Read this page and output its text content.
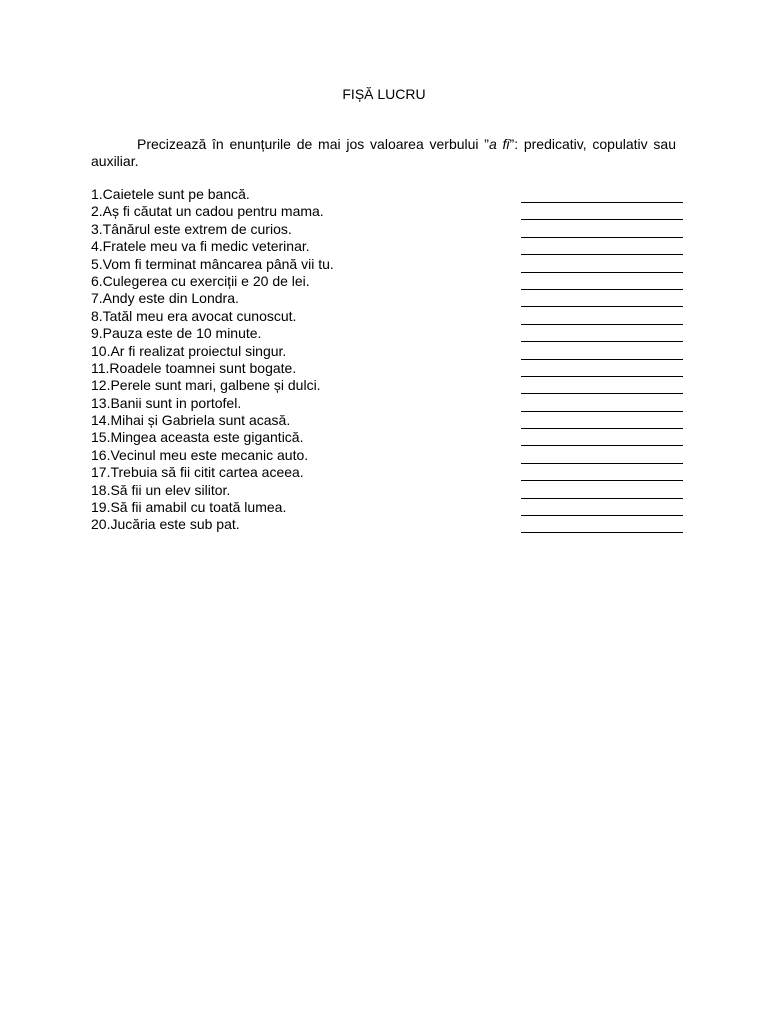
FIȘĂ LUCRU
Precizează în enunțurile de mai jos valoarea verbului ”a fi”: predicativ, copulativ sau auxiliar.
1.Caietele sunt pe bancă.
2.Aș fi căutat un cadou pentru mama.
3.Tânărul este extrem de curios.
4.Fratele meu va fi medic veterinar.
5.Vom fi terminat mâncarea până vii tu.
6.Culegerea cu exerciții e 20 de lei.
7.Andy este din Londra.
8.Tatăl meu era avocat cunoscut.
9.Pauza este de 10 minute.
10.Ar fi realizat proiectul singur.
11.Roadele toamnei sunt bogate.
12.Perele sunt mari, galbene și dulci.
13.Banii sunt in portofel.
14.Mihai și Gabriela sunt acasă.
15.Mingea aceasta este gigantică.
16.Vecinul meu este mecanic auto.
17.Trebuia să fii citit cartea aceea.
18.Să fii un elev silitor.
19.Să fii amabil cu toată lumea.
20.Jucăria este sub pat.
